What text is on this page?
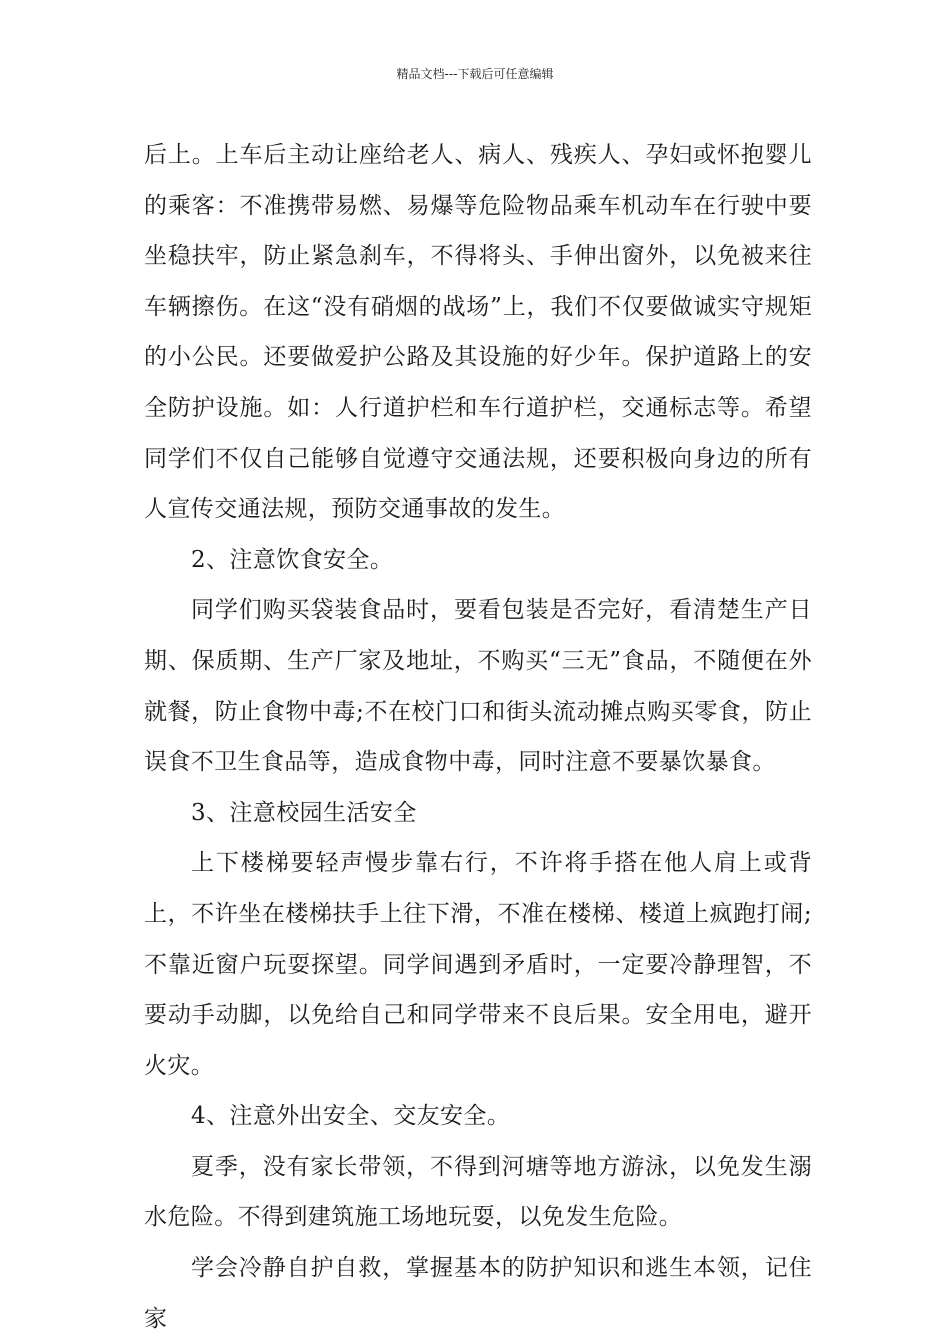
精品文档---下载后可任意编辑

后上。上车后主动让座给老人、病人、残疾人、孕妇或怀抱婴儿的乘客：不准携带易燃、易爆等危险物品乘车机动车在行驶中要坐稳扶牢，防止紧急刹车，不得将头、手伸出窗外，以免被来往车辆擦伤。在这“没有硝烟的战场”上，我们不仅要做诚实守规矩的小公民。还要做爱护公路及其设施的好少年。保护道路上的安全防护设施。如：人行道护栏和车行道护栏，交通标志等。希望同学们不仅自己能够自觉遵守交通法规，还要积极向身边的所有人宣传交通法规，预防交通事故的发生。

2、注意饮食安全。

同学们购买袋装食品时，要看包装是否完好，看清楚生产日期、保质期、生产厂家及地址，不购买“三无”食品，不随便在外就餐，防止食物中毒;不在校门口和街头流动摊点购买零食，防止误食不卫生食品等，造成食物中毒，同时注意不要暴饮暴食。

3、注意校园生活安全

上下楼梯要轻声慢步靠右行，不许将手搭在他人肩上或背上，不许坐在楼梯扶手上往下滑，不准在楼梯、楼道上疯跑打闹;不靠近窗户玩耍探望。同学间遇到矛盾时，一定要冷静理智，不要动手动脚，以免给自己和同学带来不良后果。安全用电，避开火灾。

4、注意外出安全、交友安全。

夏季，没有家长带领，不得到河塘等地方游泳，以免发生溺水危险。不得到建筑施工场地玩耍，以免发生危险。

学会冷静自护自救，掌握基本的防护知识和逃生本领，记住家
